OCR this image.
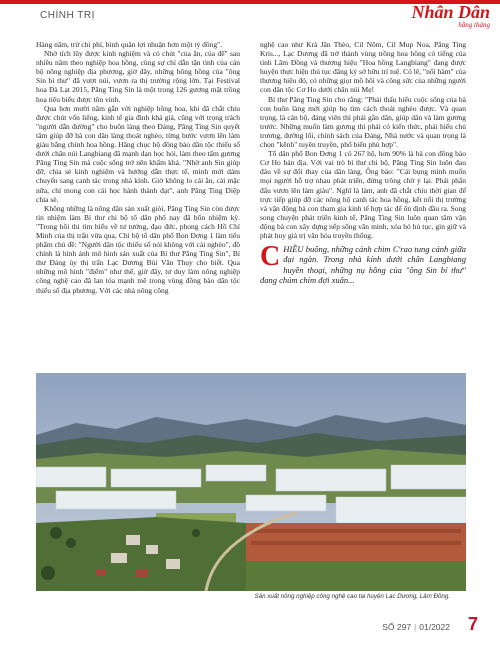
CHÍNH TRỊ	Nhân Dân
hằng tháng

Hàng năm, trừ chi phí, bình quân lợi nhuận hơn một tỷ đồng".

Nhờ tích lũy được kinh nghiệm và có chút "của ăn, của để" sau nhiều năm theo nghiệp hoa hồng, cùng sự chỉ dẫn tận tình của cán bộ nông nghiệp địa phương, giờ đây, những bông hồng của "ông Sin bí thư" đã vượt núi, vươn ra thị trường rộng lớn. Tại Festival hoa Đà Lạt 2015, Păng Ting Sin là một trong 126 gương mặt trồng hoa tiêu biểu được tôn vinh.

Qua hơn mười năm gắn với nghiệp hồng hoa, khi đã chắt chiu được chút vốn liếng, kinh tế gia đình khá giả, cũng với trọng trách "người dẫn đường" cho buôn làng theo Đảng, Păng Ting Sin quyết tâm giúp đỡ bà con dân làng thoát nghèo, từng bước vươn lên làm giàu bằng chính hoa hồng. Hăng chục hộ đồng bào dân tộc thiểu số dưới chân núi Langbiang đã mạnh dạn học hỏi, làm theo tấm gương Păng Ting Sin mà cuộc sống trở nên khấm khá. "Nhờ anh Sin giúp đỡ, chia sẻ kinh nghiệm và hướng dẫn thực tế, mình mới dám chuyển sang canh tác trong nhà kính. Giờ không lo cái ăn, cái mặc nữa, chỉ mong con cái học hành thành đạt", anh Păng Ting Diệp chia sẻ.

Không những là nông dân sản xuất giỏi, Păng Ting Sin còn được tin nhiệm làm Bí thư chi bộ tổ dân phố nay đã bốn nhiệm kỳ. "Trong hồi thi tìm hiểu về tư tưởng, đạo đức, phong cách Hồ Chí Minh của thị trấn vừa qua, Chi bộ tổ dân phố Bon Đơng 1 làm tiểu phẩm chủ đề: "Người dân tộc thiểu số nói không với cái nghèo", đồ chính là hình ảnh mô hình sản xuất của Bí thư Păng Ting Sin", Bí thư Đảng ủy thị trấn Lạc Dương Bùi Văn Thụy cho biết. Qua những mô hình "điểm" như thế, giờ đây, tư duy làm nông nghiệp công nghệ cao đã lan tỏa mạnh mẽ trong vùng đồng bào dân tộc thiểu số địa phương. Với các nhà nông công

nghệ cao như Krà Jăn Thèo, Cil Nôm, Cil Mup Noa, Păng Ting Kris..., Lạc Dương đã trở thành vùng trồng hoa hồng có tiếng của tỉnh Lâm Đồng và thương hiệu "Hoa hồng Langbiang" đang được huyện thực hiện thủ tục đăng ký sở hữu trí tuệ. Có lẽ, "nổi hàm" của thương hiệu đó, có những giọt mồ hôi và công sức của những người con dân tộc Cơ Ho dưới chân núi Mẹ!

Bí thư Păng Ting Sin cho rằng: "Phải thấu hiểu cuộc sống của bà con buôn làng mới giúp họ tìm cách thoát nghèo được. Và quan trọng, là cán bộ, đảng viên thì phải gần dân, giúp dân và làm gương trước. Những muốn làm gương thì phải có kiến thức, phải hiểu chủ trương, đường lối, chính sách của Đảng, Nhà nước và quan trọng là chọn "kênh" tuyên truyền, phổ biến phù hợp".

Tổ dân phố Bon Đơng 1 có 267 hộ, hơn 90% là bà con đồng bào Cơ Ho bản địa. Với vai trò bí thư chi bộ, Păng Ting Sin luôn đau đáu về sự đổi thay của dân làng. Ông bảo: "Cái bụng mình muốn mọi người hỗ trợ nhau phát triển, đừng trông chờ ỷ lại. Phải phấn đấu vươn lên làm giàu". Nghĩ là làm, anh đã chắt chiu thời gian để trực tiếp giúp đỡ các nông hộ canh tác hoa hồng, kết nối thị trường và vận động bà con tham gia kinh tế hợp tác để ổn định đầu ra. Song song chuyện phát triển kinh tế, Păng Ting Sin luôn quan tâm vận động bà con xây dựng nếp sống văn minh, xóa bỏ hủ tục, gìn giữ và phát huy giá trị văn hóa truyền thống.

CHIỀU buông, những cánh chim C'rao tung cánh giữa đại ngàn. Trong nhà kính dưới chân Langbiang huyền thoại, những nụ hồng của "ông Sin bí thư" đang chúm chím đợi xuân...
Sản xuất nông nghiệp công nghệ cao tại huyện Lạc Dương, Lâm Đồng.
SỐ 297 | 01/2022 7
